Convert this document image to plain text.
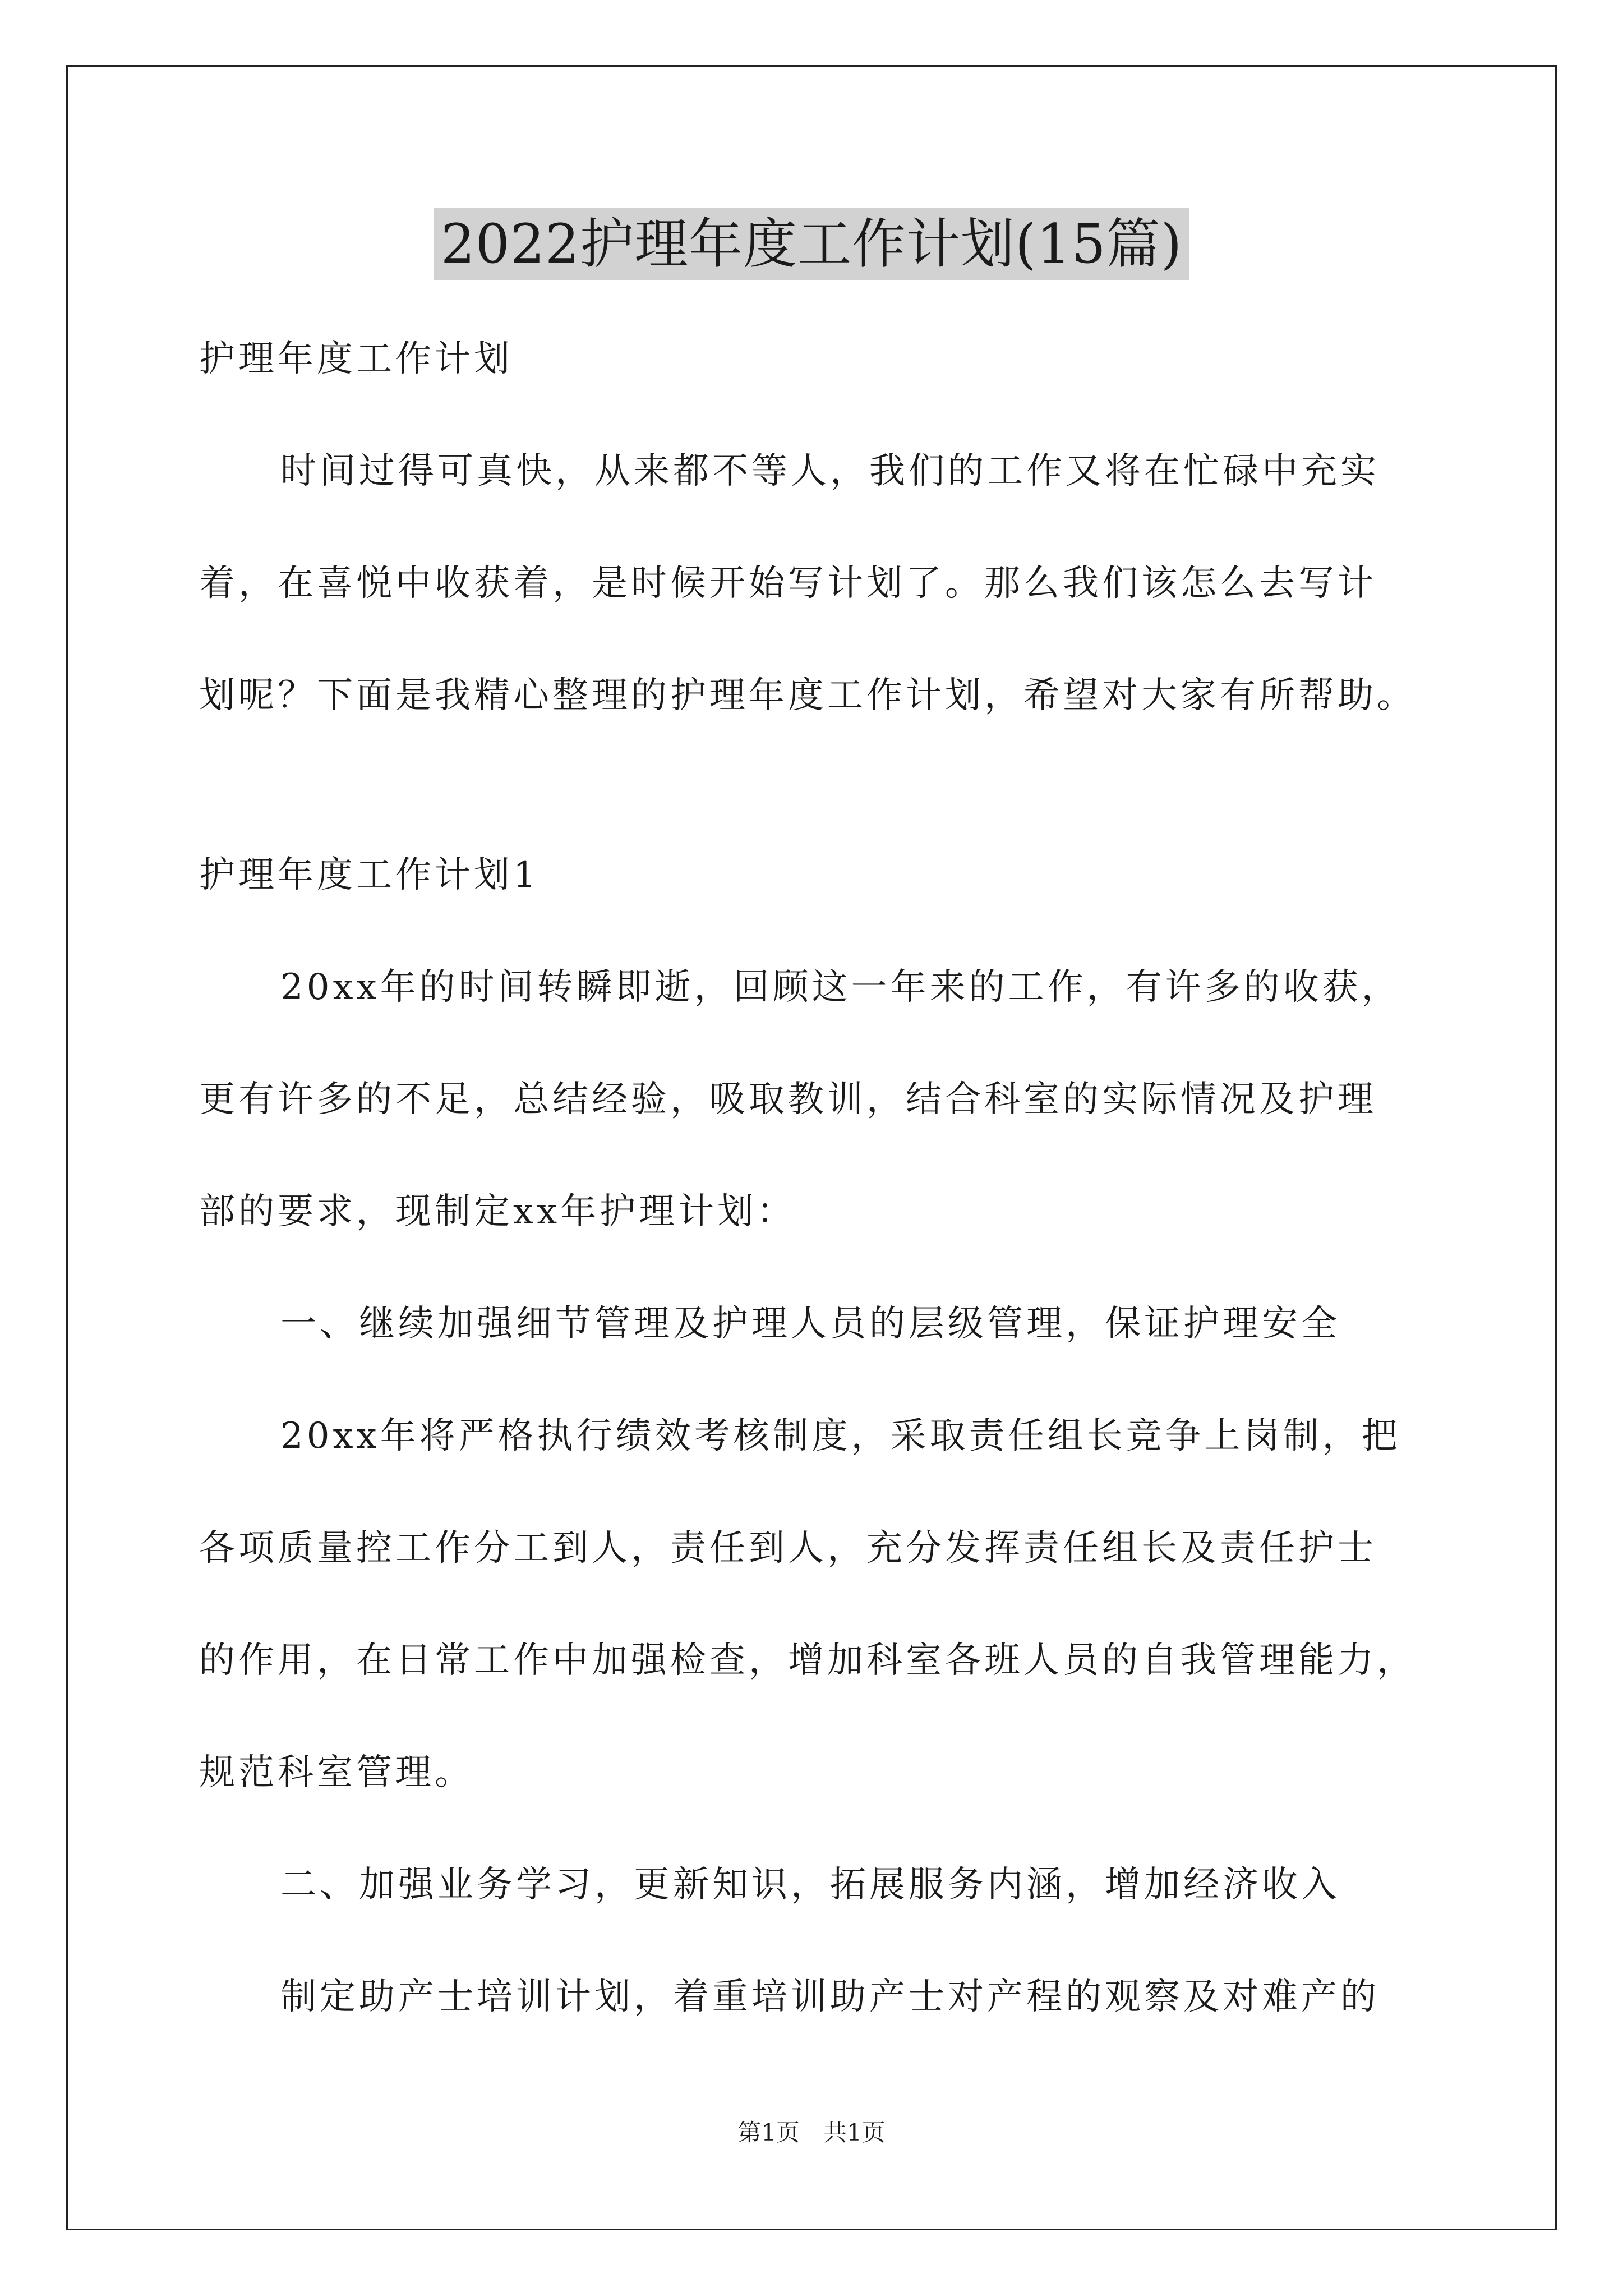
2022护理年度工作计划(15篇)

护理年度工作计划

时间过得可真快，从来都不等人，我们的工作又将在忙碌中充实

着，在喜悦中收获着，是时候开始写计划了。那么我们该怎么去写计

划呢？下面是我精心整理的护理年度工作计划，希望对大家有所帮助。

护理年度工作计划1

20xx年的时间转瞬即逝，回顾这一年来的工作，有许多的收获，

更有许多的不足，总结经验，吸取教训，结合科室的实际情况及护理

部的要求，现制定xx年护理计划：

一、继续加强细节管理及护理人员的层级管理，保证护理安全

20xx年将严格执行绩效考核制度，采取责任组长竞争上岗制，把

各项质量控工作分工到人，责任到人，充分发挥责任组长及责任护士

的作用，在日常工作中加强检查，增加科室各班人员的自我管理能力，

规范科室管理。

二、加强业务学习，更新知识，拓展服务内涵，增加经济收入

制定助产士培训计划，着重培训助产士对产程的观察及对难产的

第1页　共1页
